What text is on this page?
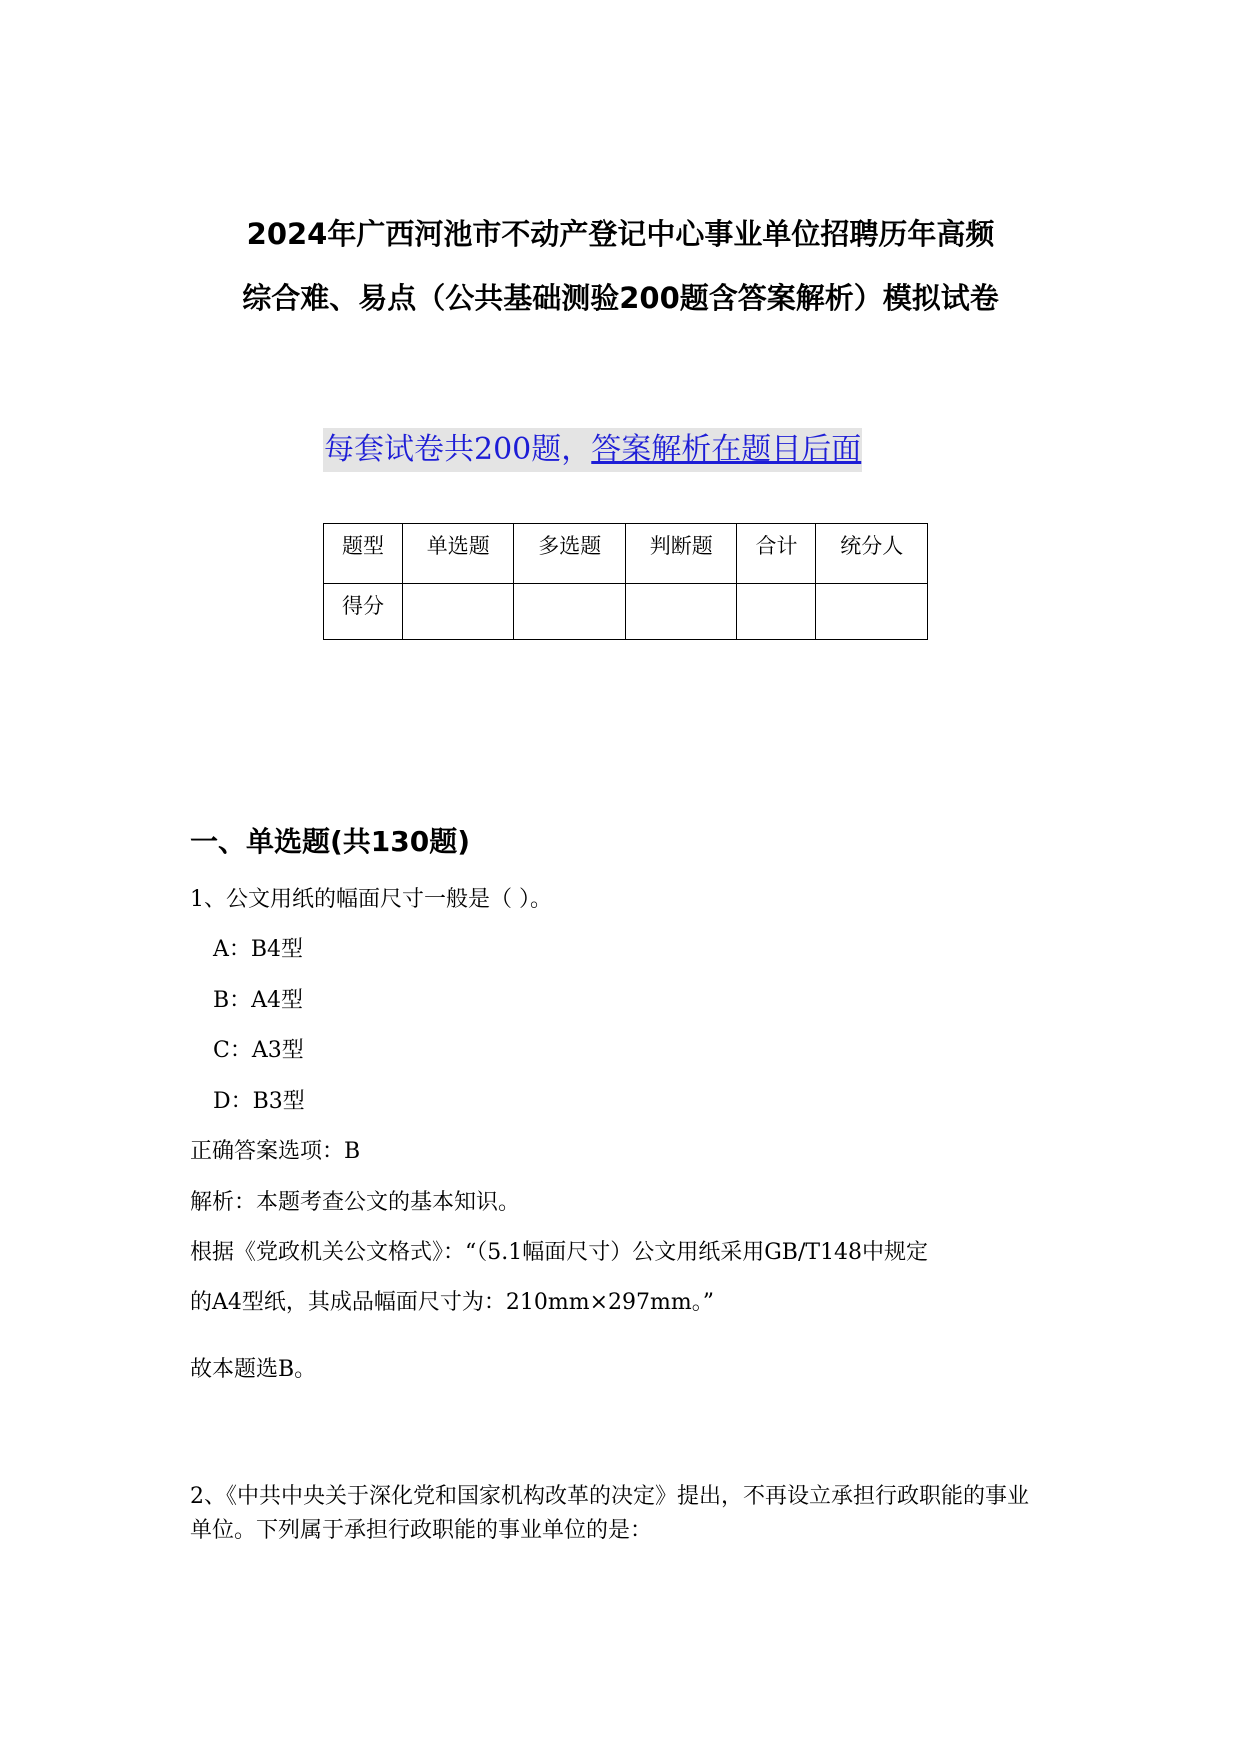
2024年广西河池市不动产登记中心事业单位招聘历年高频
综合难、易点（公共基础测验200题含答案解析）模拟试卷
每套试卷共200题，答案解析在题目后面
题型	单选题	多选题	判断题	合计	统分人
得分					
一、单选题(共130题)

1、公文用纸的幅面尺寸一般是（ ）。

A：B4型

B：A4型

C：A3型

D：B3型

正确答案选项：B

解析：本题考查公文的基本知识。

根据《党政机关公文格式》：“（5.1幅面尺寸）公文用纸采用GB/T148中规定

的A4型纸，其成品幅面尺寸为：210mm×297mm。”

故本题选B。

2、《中共中央关于深化党和国家机构改革的决定》提出，不再设立承担行政职能的事业单位。下列属于承担行政职能的事业单位的是：
